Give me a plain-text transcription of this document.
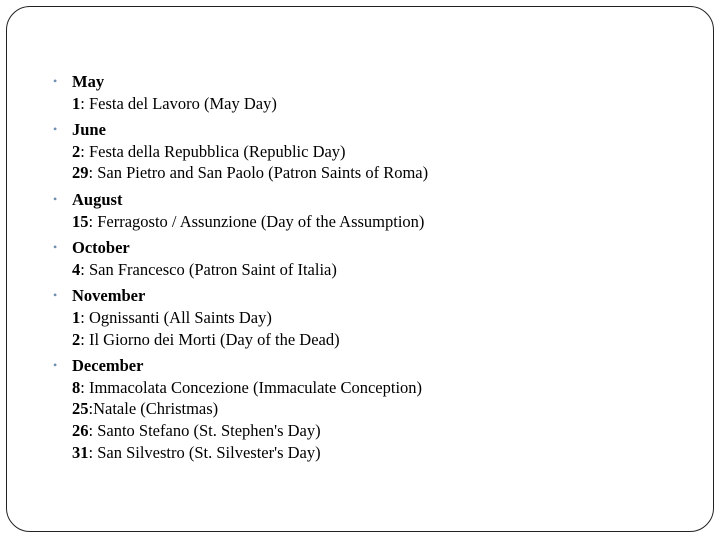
• May
1: Festa del Lavoro (May Day)
• June
2: Festa della Repubblica (Republic Day)
29: San Pietro and San Paolo (Patron Saints of Roma)
• August
15: Ferragosto / Assunzione (Day of the Assumption)
• October
4: San Francesco (Patron Saint of Italia)
• November
1: Ognissanti (All Saints Day)
2: Il Giorno dei Morti (Day of the Dead)
• December
8: Immacolata Concezione (Immaculate Conception)
25:Natale (Christmas)
26: Santo Stefano (St. Stephen's Day)
31: San Silvestro (St. Silvester's Day)
